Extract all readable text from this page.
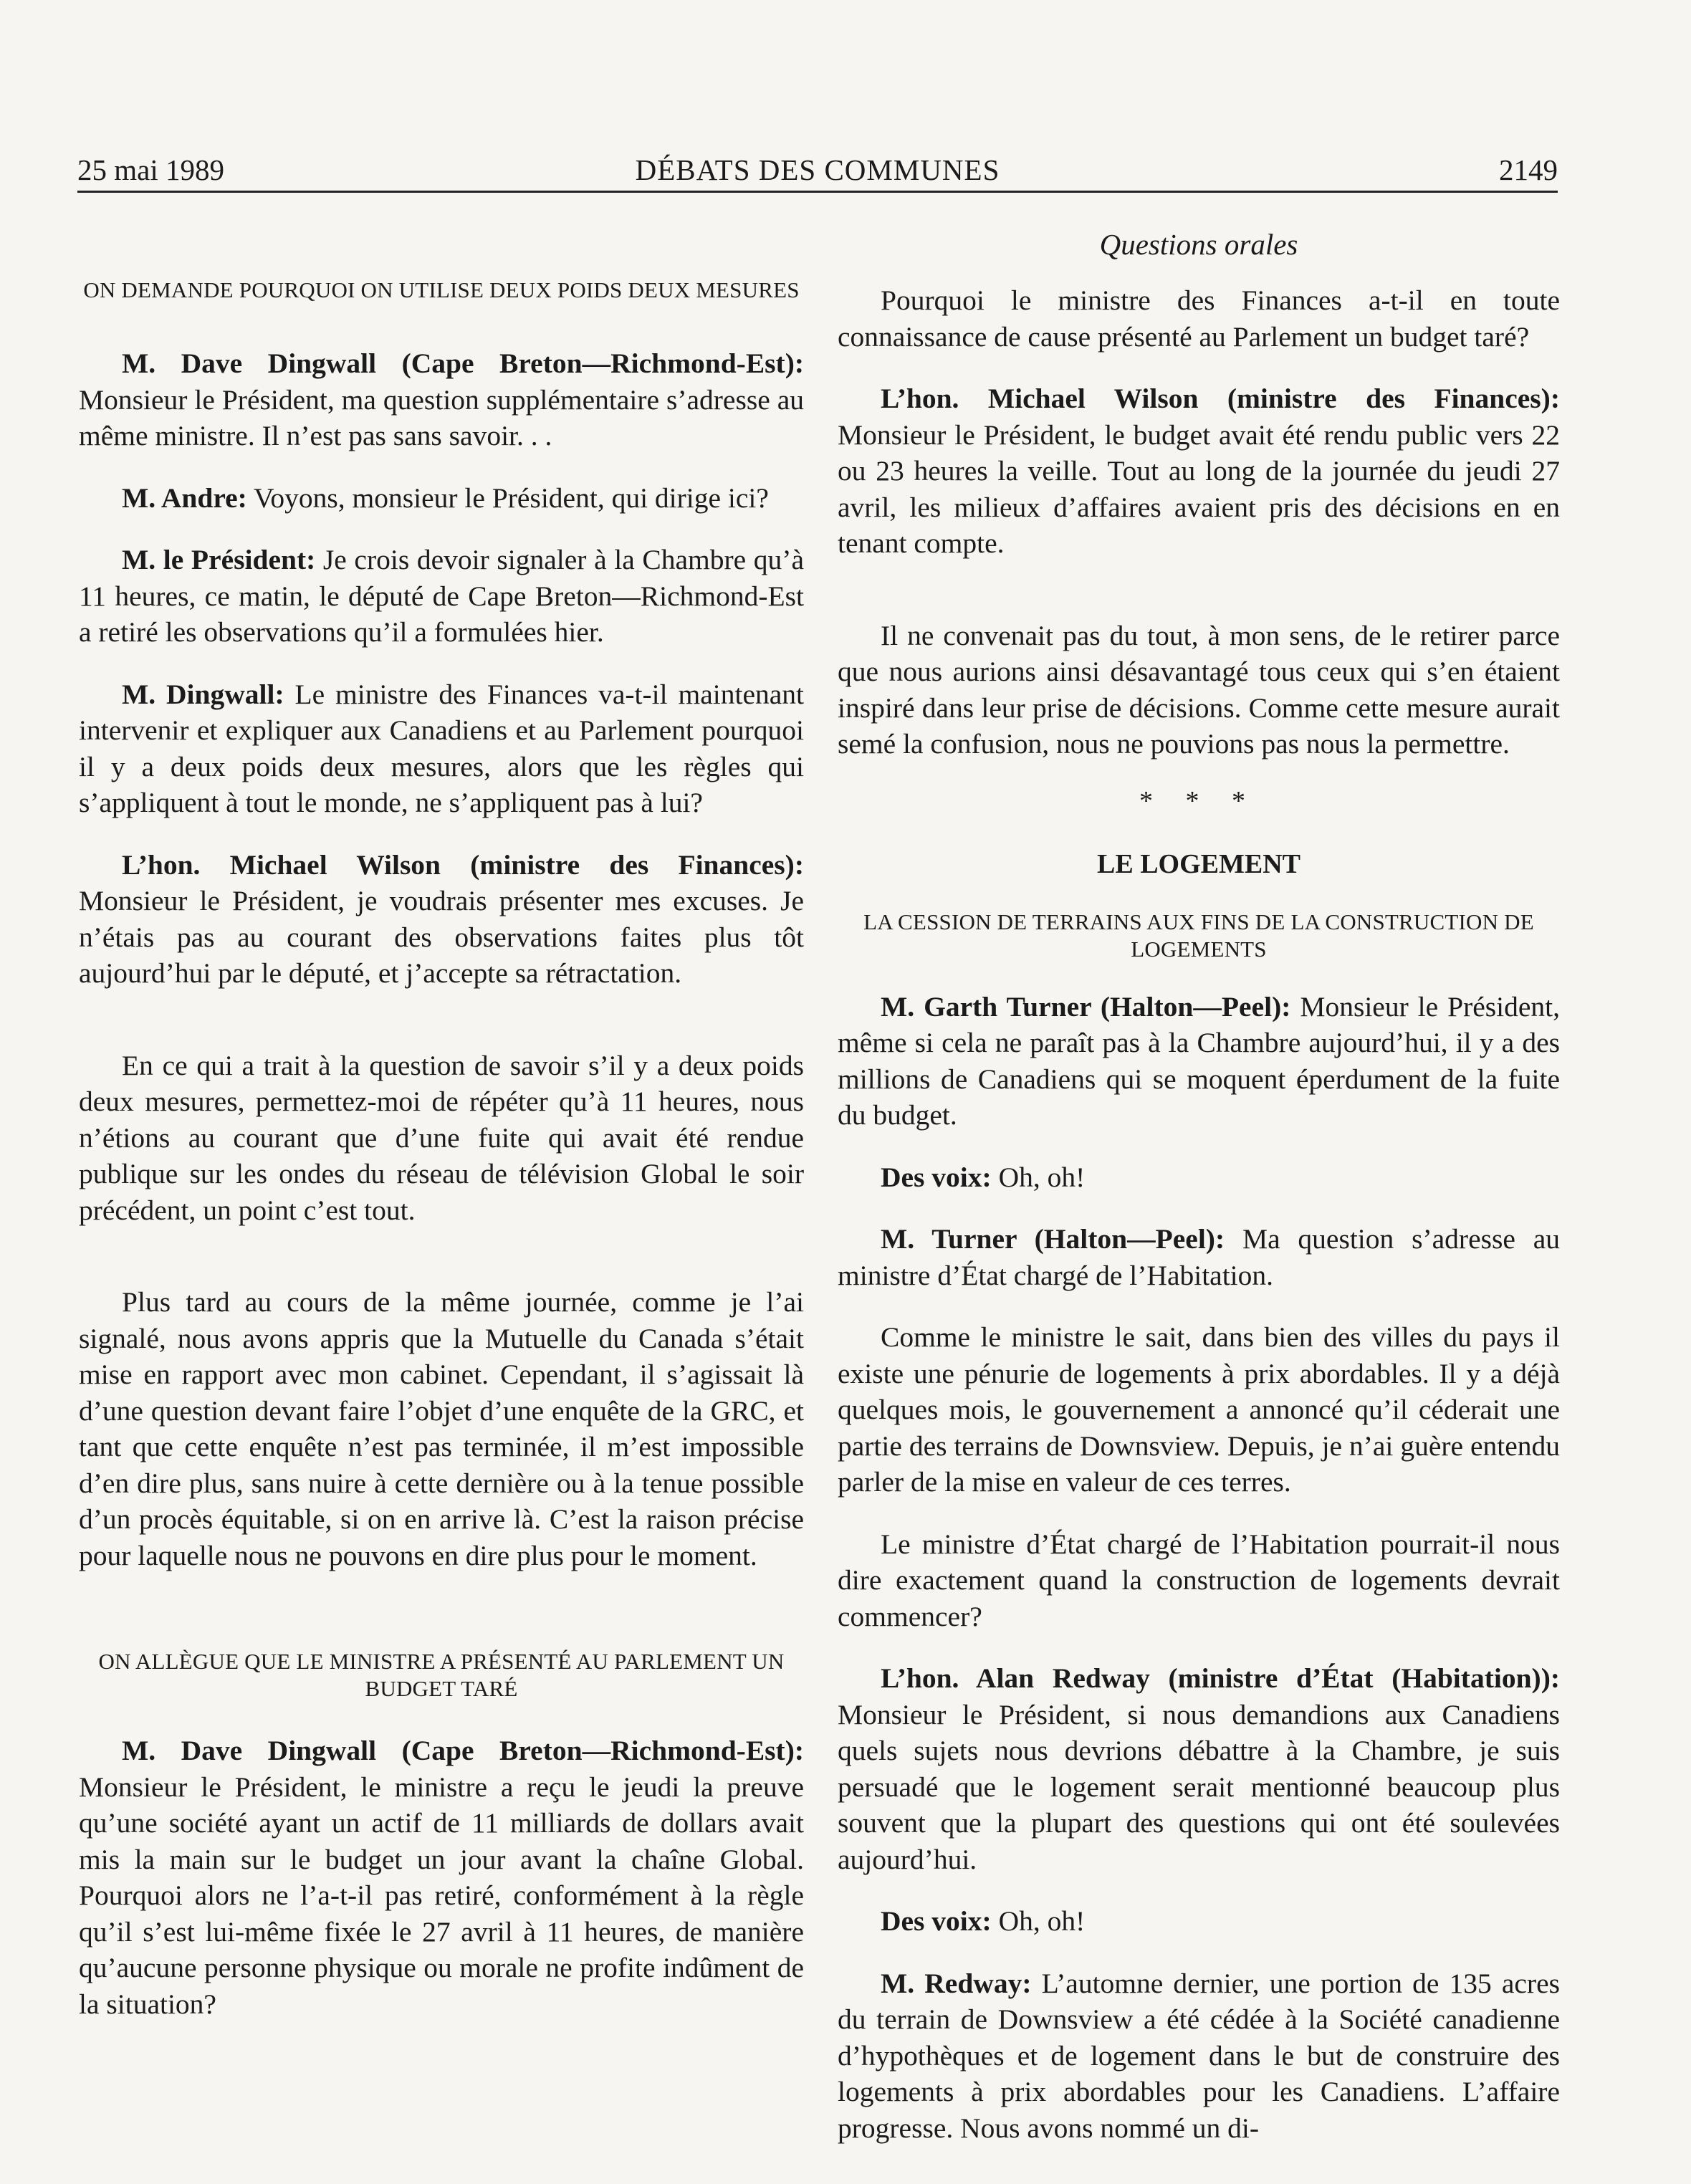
25 mai 1989	DÉBATS DES COMMUNES	2149
ON DEMANDE POURQUOI ON UTILISE DEUX POIDS DEUX MESURES

M. Dave Dingwall (Cape Breton—Richmond-Est): Monsieur le Président, ma question supplémentaire s’adresse au même ministre. Il n’est pas sans savoir. . .

M. Andre: Voyons, monsieur le Président, qui dirige ici?

M. le Président: Je crois devoir signaler à la Chambre qu’à 11 heures, ce matin, le député de Cape Breton—Richmond-Est a retiré les observations qu’il a formulées hier.

M. Dingwall: Le ministre des Finances va-t-il maintenant intervenir et expliquer aux Canadiens et au Parlement pourquoi il y a deux poids deux mesures, alors que les règles qui s’appliquent à tout le monde, ne s’appliquent pas à lui?

L’hon. Michael Wilson (ministre des Finances): Monsieur le Président, je voudrais présenter mes excuses. Je n’étais pas au courant des observations faites plus tôt aujourd’hui par le député, et j’accepte sa rétractation.

En ce qui a trait à la question de savoir s’il y a deux poids deux mesures, permettez-moi de répéter qu’à 11 heures, nous n’étions au courant que d’une fuite qui avait été rendue publique sur les ondes du réseau de télévision Global le soir précédent, un point c’est tout.

Plus tard au cours de la même journée, comme je l’ai signalé, nous avons appris que la Mutuelle du Canada s’était mise en rapport avec mon cabinet. Cependant, il s’agissait là d’une question devant faire l’objet d’une enquête de la GRC, et tant que cette enquête n’est pas terminée, il m’est impossible d’en dire plus, sans nuire à cette dernière ou à la tenue possible d’un procès équitable, si on en arrive là. C’est la raison précise pour laquelle nous ne pouvons en dire plus pour le moment.

ON ALLÈGUE QUE LE MINISTRE A PRÉSENTÉ AU PARLEMENT UN BUDGET TARÉ

M. Dave Dingwall (Cape Breton—Richmond-Est): Monsieur le Président, le ministre a reçu le jeudi la preuve qu’une société ayant un actif de 11 milliards de dollars avait mis la main sur le budget un jour avant la chaîne Global. Pourquoi alors ne l’a-t-il pas retiré, conformément à la règle qu’il s’est lui-même fixée le 27 avril à 11 heures, de manière qu’aucune personne physique ou morale ne profite indûment de la situation?

Questions orales

Pourquoi le ministre des Finances a-t-il en toute connaissance de cause présenté au Parlement un budget taré?

L’hon. Michael Wilson (ministre des Finances): Monsieur le Président, le budget avait été rendu public vers 22 ou 23 heures la veille. Tout au long de la journée du jeudi 27 avril, les milieux d’affaires avaient pris des décisions en en tenant compte.

Il ne convenait pas du tout, à mon sens, de le retirer parce que nous aurions ainsi désavantagé tous ceux qui s’en étaient inspiré dans leur prise de décisions. Comme cette mesure aurait semé la confusion, nous ne pouvions pas nous la permettre.

* * *
LE LOGEMENT
LA CESSION DE TERRAINS AUX FINS DE LA CONSTRUCTION DE LOGEMENTS

M. Garth Turner (Halton—Peel): Monsieur le Président, même si cela ne paraît pas à la Chambre aujourd’hui, il y a des millions de Canadiens qui se moquent éperdument de la fuite du budget.

Des voix: Oh, oh!

M. Turner (Halton—Peel): Ma question s’adresse au ministre d’État chargé de l’Habitation.

Comme le ministre le sait, dans bien des villes du pays il existe une pénurie de logements à prix abordables. Il y a déjà quelques mois, le gouvernement a annoncé qu’il céderait une partie des terrains de Downsview. Depuis, je n’ai guère entendu parler de la mise en valeur de ces terres.

Le ministre d’État chargé de l’Habitation pourrait-il nous dire exactement quand la construction de logements devrait commencer?

L’hon. Alan Redway (ministre d’État (Habitation)): Monsieur le Président, si nous demandions aux Canadiens quels sujets nous devrions débattre à la Chambre, je suis persuadé que le logement serait mentionné beaucoup plus souvent que la plupart des questions qui ont été soulevées aujourd’hui.

Des voix: Oh, oh!

M. Redway: L’automne dernier, une portion de 135 acres du terrain de Downsview a été cédée à la Société canadienne d’hypothèques et de logement dans le but de construire des logements à prix abordables pour les Canadiens. L’affaire progresse. Nous avons nommé un di-
